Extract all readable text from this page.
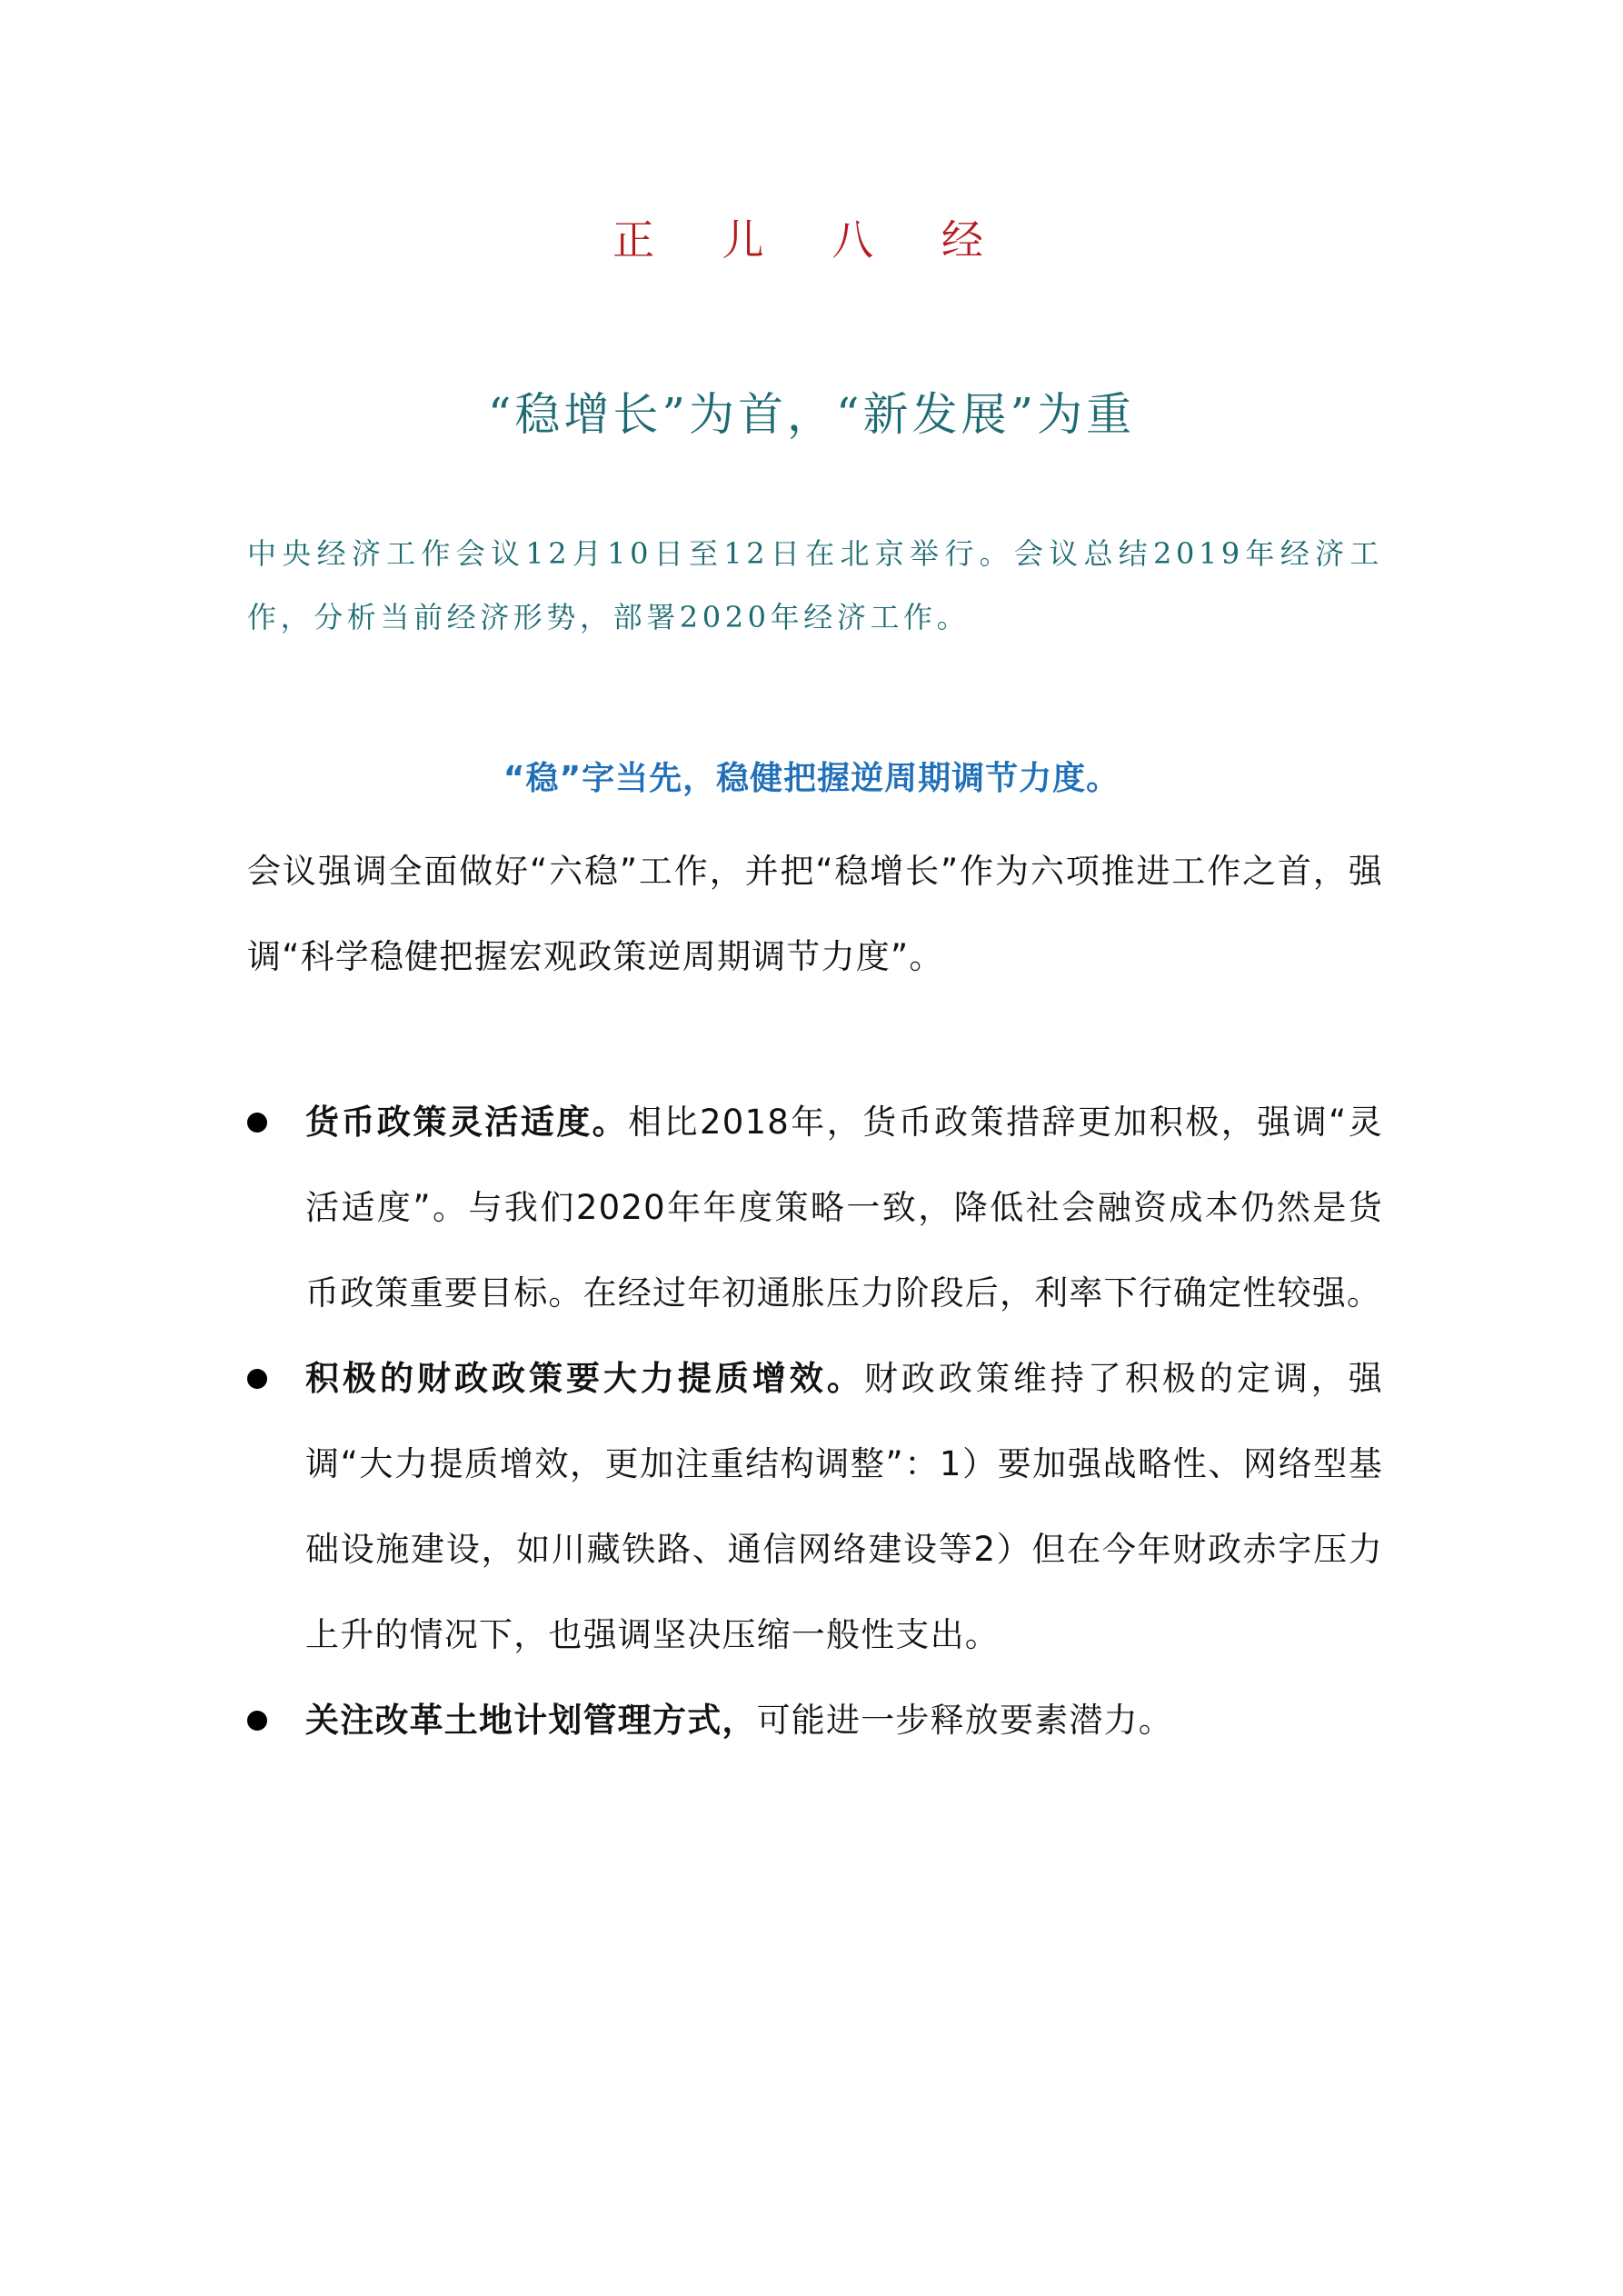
正 儿 八 经
“稳增长”为首，“新发展”为重
中央经济工作会议12月10日至12日在北京举行。会议总结2019年经济工作，分析当前经济形势，部署2020年经济工作。
“稳”字当先，稳健把握逆周期调节力度。
会议强调全面做好“六稳”工作，并把“稳增长”作为六项推进工作之首，强调“科学稳健把握宏观政策逆周期调节力度”。
货币政策灵活适度。相比2018年，货币政策措辞更加积极，强调“灵活适度”。与我们2020年年度策略一致，降低社会融资成本仍然是货币政策重要目标。在经过年初通胀压力阶段后，利率下行确定性较强。
积极的财政政策要大力提质增效。财政政策维持了积极的定调，强调“大力提质增效，更加注重结构调整”：1）要加强战略性、网络型基础设施建设，如川藏铁路、通信网络建设等2）但在今年财政赤字压力上升的情况下，也强调坚决压缩一般性支出。
关注改革土地计划管理方式，可能进一步释放要素潜力。
